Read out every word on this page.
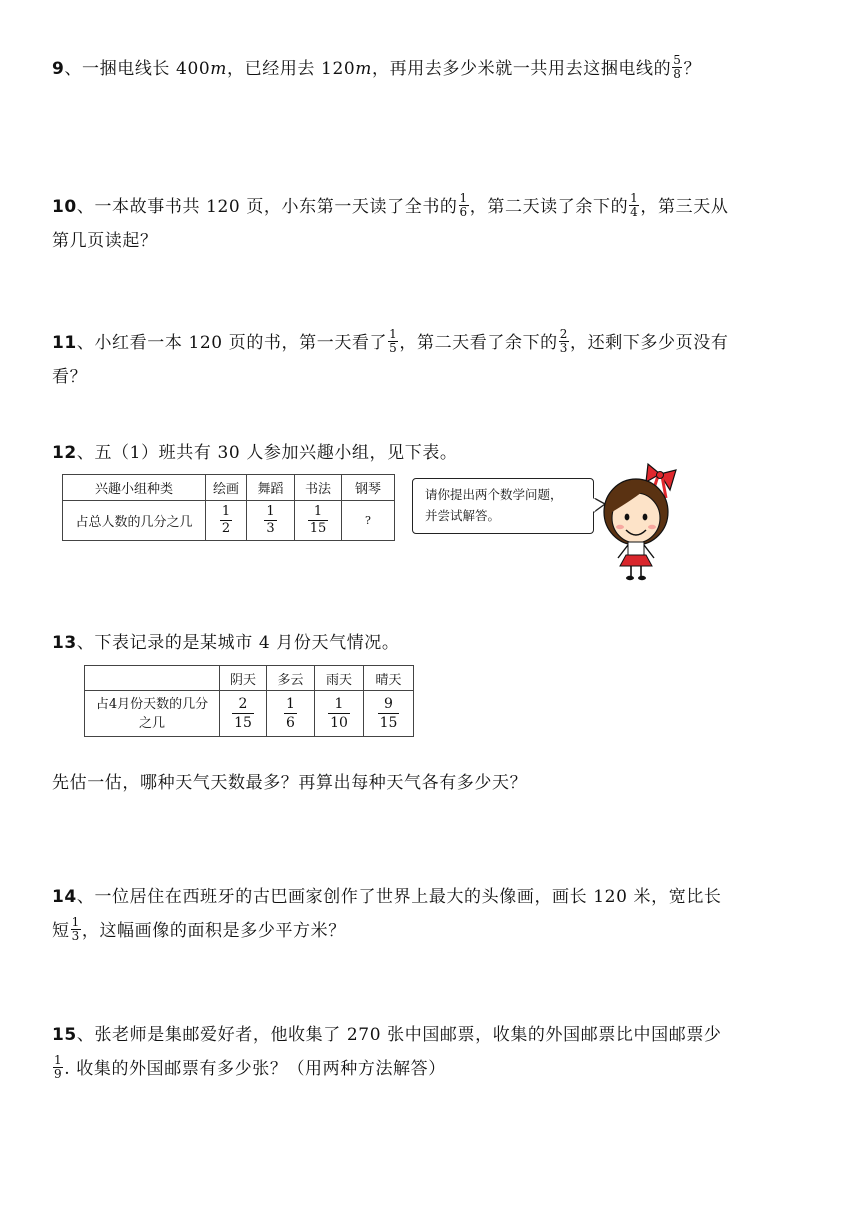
9、一捆电线长 400m，已经用去 120m，再用去多少米就一共用去这捆电线的 $\frac{5}{8}$ ？
10、一本故事书共 120 页，小东第一天读了全书的 $\frac{1}{6}$ ，第二天读了余下的 $\frac{1}{4}$ ，第三天从
第几页读起？
11、小红看一本 120 页的书，第一天看了 $\frac{1}{5}$ ，第二天看了余下的 $\frac{2}{3}$ ，还剩下多少页没有
看？
12、五（1）班共有 30 人参加兴趣小组，见下表。
兴趣小组种类	绘画	舞蹈	书法	钢琴
占总人数的几分之几	$\frac{1}{2}$	$\frac{1}{3}$	$\frac{1}{15}$	?
请你提出两个数学问题，
并尝试解答。
13、下表记录的是某城市 4 月份天气情况。
	阴天	多云	雨天	晴天
占4月份天数的几分
之几	$\frac{2}{15}$	$\frac{1}{6}$	$\frac{1}{10}$	$\frac{9}{15}$
先估一估，哪种天气天数最多？再算出每种天气各有多少天？
14、一位居住在西班牙的古巴画家创作了世界上最大的头像画，画长 120 米，宽比长
短 $\frac{1}{3}$ ，这幅画像的面积是多少平方米？
15、张老师是集邮爱好者，他收集了 270 张中国邮票，收集的外国邮票比中国邮票少

$\frac{1}{9}$ . 收集的外国邮票有多少张？（用两种方法解答）
